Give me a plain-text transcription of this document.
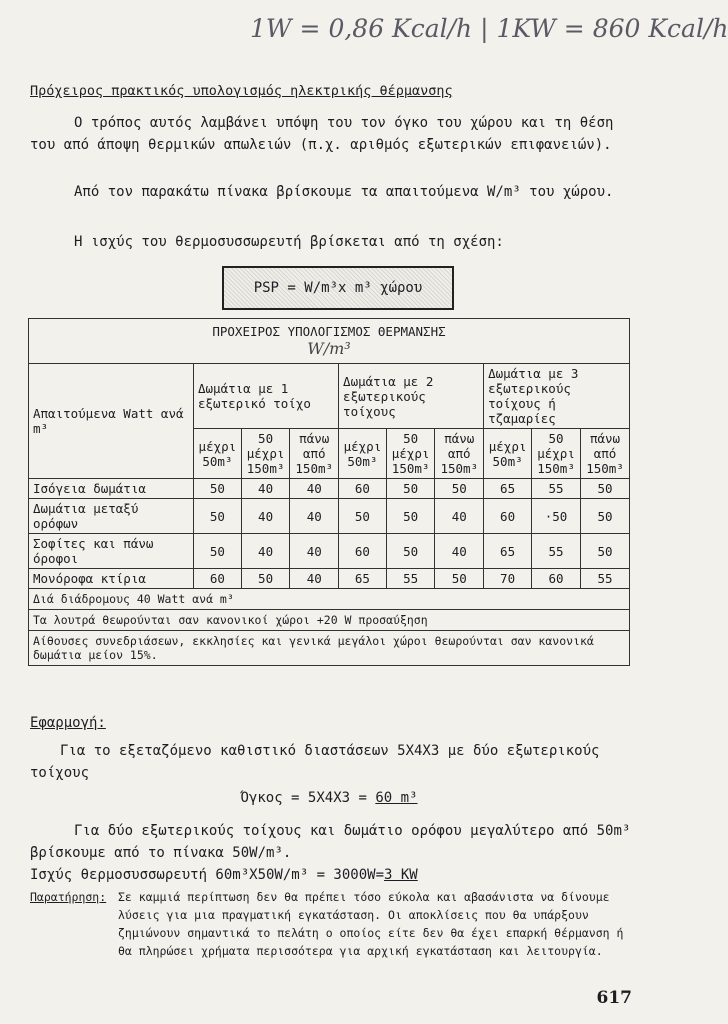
1W = 0,86 Kcal/h | 1KW = 860 Kcal/h
Πρόχειρος πρακτικός υπολογισμός ηλεκτρικής θέρμανσης
Ο τρόπος αυτός λαμβάνει υπόψη του τον όγκο του χώρου και τη θέση του από άποψη θερμικών απωλειών (π.χ. αριθμός εξωτερικών επιφανειών).
Από τον παρακάτω πίνακα βρίσκουμε τα απαιτούμενα W/m³ του χώρου.
Η ισχύς του θερμοσυσσωρευτή βρίσκεται από τη σχέση:
PSP = W/m³x m³ χώρου
ΠΡΟΧΕΙΡΟΣ ΥΠΟΛΟΓΙΣΜΟΣ ΘΕΡΜΑΝΣΗΣ
W/m³									

Απαιτούμενα Watt ανά m³	Δωμάτια με 1 εξωτερικό τοίχο			Δωμάτια με 2 εξωτερικούς τοίχους			Δωμάτια με 3 εξωτερικούς τοίχους ή τζαμαρίες		
	μέχρι 50m³	50 μέχρι 150m³	πάνω από 150m³	μέχρι 50m³	50 μέχρι 150m³	πάνω από 150m³	μέχρι 50m³	50 μέχρι 150m³	πάνω από 150m³
Ισόγεια δωμάτια	50	40	40	60	50	50	65	55	50
Δωμάτια μεταξύ ορόφων	50	40	40	50	50	40	60	·50	50
Σοφίτες και πάνω όροφοι	50	40	40	60	50	40	65	55	50
Μονόροφα κτίρια	60	50	40	65	55	50	70	60	55
Διά διάδρομους 40 Watt ανά m³									
Τα λουτρά θεωρούνται σαν κανονικοί χώροι +20 W προσαύξηση									
Αίθουσες συνεδριάσεων, εκκλησίες και γενικά μεγάλοι χώροι θεωρούνται σαν κανονικά δωμάτια μείον 15%.									
Εφαρμογή:
Για το εξεταζόμενο καθιστικό διαστάσεων 5Χ4Χ3 με δύο εξωτερικούς τοίχους
Όγκος = 5Χ4Χ3 = 60 m³
Για δύο εξωτερικούς τοίχους και δωμάτιο ορόφου μεγαλύτερο από 50m³ βρίσκουμε από το πίνακα 50W/m³.
Ισχύς θερμοσυσσωρευτή 60m³X50W/m³ = 3000W=3 KW
Παρατήρηση: Σε καμμιά περίπτωση δεν θα πρέπει τόσο εύκολα και αβασάνιστα να δίνουμε λύσεις για μια πραγματική εγκατάσταση. Οι αποκλίσεις που θα υπάρξουν ζημιώνουν σημαντικά το πελάτη ο οποίος είτε δεν θα έχει επαρκή θέρμανση ή θα πληρώσει χρήματα περισσότερα για αρχική εγκατάσταση και λειτουργία.
617
